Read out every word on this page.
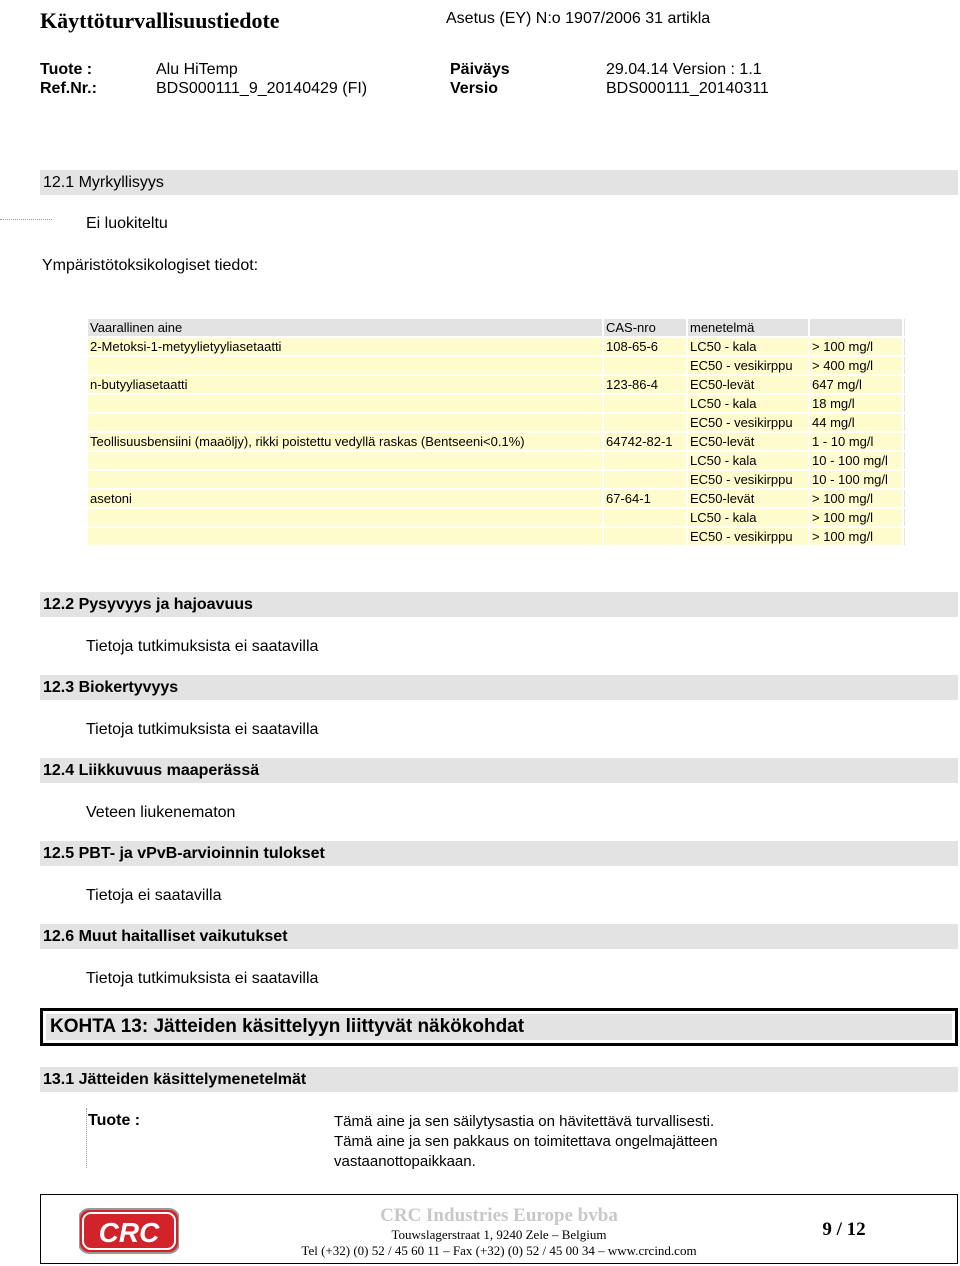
Käyttöturvallisuustiedote	Asetus (EY) N:o 1907/2006 31 artikla
Tuote :	Alu HiTemp	Päiväys	29.04.14 Version : 1.1
Ref.Nr.:	BDS000111_9_20140429 (FI)	Versio	BDS000111_20140311
12.1 Myrkyllisyys
Ei luokiteltu
Ympäristötoksikologiset tiedot:
Vaarallinen aine	CAS-nro	menetelmä		
2-Metoksi-1-metyylietyyliasetaatti	108-65-6	LC50 - kala	> 100 mg/l	
		EC50 - vesikirppu	> 400 mg/l	
n-butyyliasetaatti	123-86-4	EC50-levät	647 mg/l	
		LC50 - kala	18 mg/l	
		EC50 - vesikirppu	44 mg/l	
Teollisuusbensiini (maaöljy), rikki poistettu vedyllä raskas (Bentseeni<0.1%)	64742-82-1	EC50-levät	1 - 10 mg/l	
		LC50 - kala	10 - 100 mg/l	
		EC50 - vesikirppu	10 - 100 mg/l	
asetoni	67-64-1	EC50-levät	> 100 mg/l	
		LC50 - kala	> 100 mg/l	
		EC50 - vesikirppu	> 100 mg/l	
12.2 Pysyvyys ja hajoavuus
Tietoja tutkimuksista ei saatavilla
12.3 Biokertyvyys
Tietoja tutkimuksista ei saatavilla
12.4 Liikkuvuus maaperässä
Veteen liukenematon
12.5 PBT- ja vPvB-arvioinnin tulokset
Tietoja ei saatavilla
12.6 Muut haitalliset vaikutukset
Tietoja tutkimuksista ei saatavilla
KOHTA 13: Jätteiden käsittelyyn liittyvät näkökohdat
13.1 Jätteiden käsittelymenetelmät
Tuote :	Tämä aine ja sen säilytysastia on hävitettävä turvallisesti.
Tämä aine ja sen pakkaus on toimitettava ongelmajätteen
vastaanottopaikkaan.
CRC
CRC Industries Europe bvba
Touwslagerstraat 1, 9240 Zele – Belgium
Tel (+32) (0) 52 / 45 60 11 – Fax (+32) (0) 52 / 45 00 34 – www.crcind.com
9 / 12
